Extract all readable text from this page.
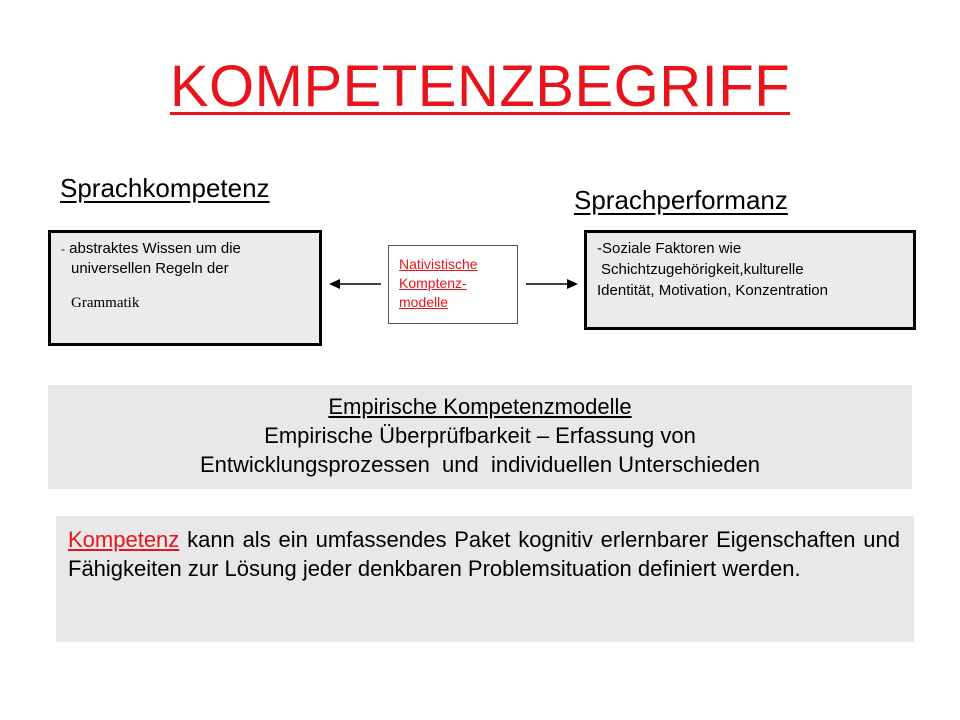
KOMPETENZBEGRIFF
Sprachkompetenz	Sprachperformanz
- abstraktes Wissen um die
universellen Regeln der
Grammatik
-Soziale Faktoren wie
Schichtzugehörigkeit,kulturelle
Identität, Motivation, Konzentration
Nativistische
Komptenz-
modelle
Empirische Kompetenzmodelle
Empirische Überprüfbarkeit – Erfassung von
Entwicklungsprozessen  und  individuellen Unterschieden
Kompetenz kann als ein umfassendes Paket kognitiv erlernbarer Eigenschaften und Fähigkeiten zur Lösung jeder denkbaren Problemsituation definiert werden.
